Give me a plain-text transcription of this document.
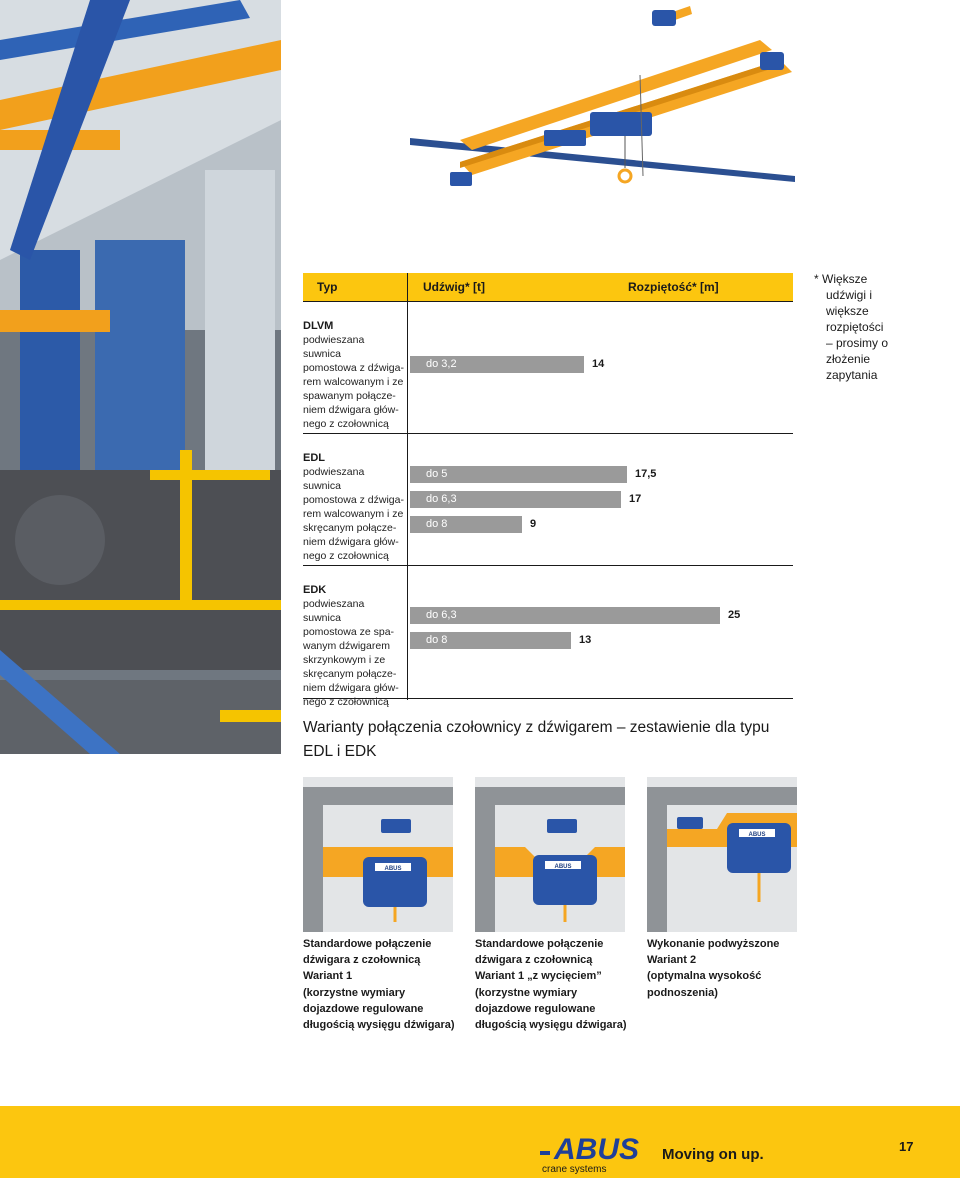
Typ	Udźwig* [t]	Rozpiętość* [m]
DLVM
podwieszana suwnica
pomostowa z dźwiga-
rem walcowanym i ze
spawanym połącze-
niem dźwigara głów-
nego z czołownicą
do 3,2	14
EDL
podwieszana suwnica
pomostowa z dźwiga-
rem walcowanym i ze
skręcanym połącze-
niem dźwigara głów-
nego z czołownicą
do 5	17,5
do 6,3	17
do 8	9
EDK
podwieszana suwnica
pomostowa ze spa-
wanym dźwigarem
skrzynkowym i ze
skręcanym połącze-
niem dźwigara głów-
nego z czołownicą
do 6,3	25
do 8	13
* Większe
udźwigi i
większe
rozpiętości
– prosimy o
złożenie
zapytania
Warianty połączenia czołownicy z dźwigarem – zestawienie dla typu EDL i EDK
ABUS	ABUS
ABUS
Standardowe połączenie
dźwigara z czołownicą
Wariant 1
(korzystne wymiary
dojazdowe regulowane
długością wysięgu dźwigara)
Standardowe połączenie
dźwigara z czołownicą
Wariant 1 „z wycięciem”
(korzystne wymiary
dojazdowe regulowane
długością wysięgu dźwigara)
Wykonanie podwyższone
Wariant 2
(optymalna wysokość
podnoszenia)
ABUS
crane systems
Moving on up.	17
